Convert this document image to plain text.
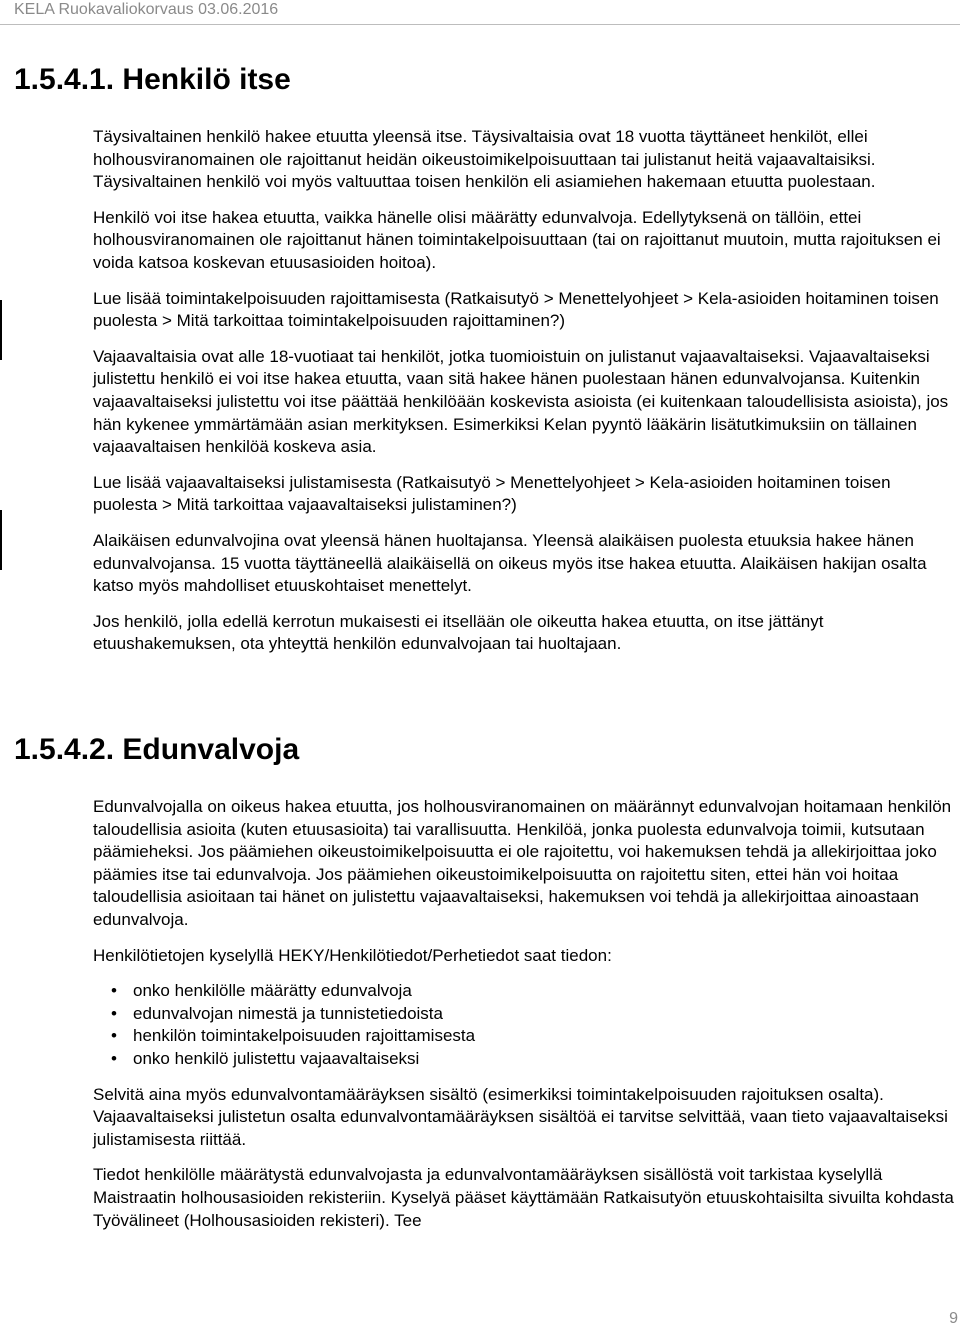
KELA Ruokavaliokorvaus 03.06.2016
1.5.4.1. Henkilö itse

Täysivaltainen henkilö hakee etuutta yleensä itse. Täysivaltaisia ovat 18 vuotta täyttäneet henkilöt, ellei holhousviranomainen ole rajoittanut heidän oikeustoimikelpoisuuttaan tai julistanut heitä vajaavaltaisiksi. Täysivaltainen henkilö voi myös valtuuttaa toisen henkilön eli asiamiehen hakemaan etuutta puolestaan.

Henkilö voi itse hakea etuutta, vaikka hänelle olisi määrätty edunvalvoja. Edellytyksenä on tällöin, ettei holhousviranomainen ole rajoittanut hänen toimintakelpoisuuttaan (tai on rajoittanut muutoin, mutta rajoituksen ei voida katsoa koskevan etuusasioiden hoitoa).

Lue lisää toimintakelpoisuuden rajoittamisesta (Ratkaisutyö > Menettelyohjeet > Kela-asioiden hoitaminen toisen puolesta > Mitä tarkoittaa toimintakelpoisuuden rajoittaminen?)

Vajaavaltaisia ovat alle 18-vuotiaat tai henkilöt, jotka tuomioistuin on julistanut vajaavaltaiseksi. Vajaavaltaiseksi julistettu henkilö ei voi itse hakea etuutta, vaan sitä hakee hänen puolestaan hänen edunvalvojansa. Kuitenkin vajaavaltaiseksi julistettu voi itse päättää henkilöään koskevista asioista (ei kuitenkaan taloudellisista asioista), jos hän kykenee ymmärtämään asian merkityksen. Esimerkiksi Kelan pyyntö lääkärin lisätutkimuksiin on tällainen vajaavaltaisen henkilöä koskeva asia.

Lue lisää vajaavaltaiseksi julistamisesta (Ratkaisutyö > Menettelyohjeet > Kela-asioiden hoitaminen toisen puolesta > Mitä tarkoittaa vajaavaltaiseksi julistaminen?)

Alaikäisen edunvalvojina ovat yleensä hänen huoltajansa. Yleensä alaikäisen puolesta etuuksia hakee hänen edunvalvojansa. 15 vuotta täyttäneellä alaikäisellä on oikeus myös itse hakea etuutta. Alaikäisen hakijan osalta katso myös mahdolliset etuuskohtaiset menettelyt.

Jos henkilö, jolla edellä kerrotun mukaisesti ei itsellään ole oikeutta hakea etuutta, on itse jättänyt etuushakemuksen, ota yhteyttä henkilön edunvalvojaan tai huoltajaan.

1.5.4.2. Edunvalvoja

Edunvalvojalla on oikeus hakea etuutta, jos holhousviranomainen on määrännyt edunvalvojan hoitamaan henkilön taloudellisia asioita (kuten etuusasioita) tai varallisuutta. Henkilöä, jonka puolesta edunvalvoja toimii, kutsutaan päämieheksi. Jos päämiehen oikeustoimikelpoisuutta ei ole rajoitettu, voi hakemuksen tehdä ja allekirjoittaa joko päämies itse tai edunvalvoja. Jos päämiehen oikeustoimikelpoisuutta on rajoitettu siten, ettei hän voi hoitaa taloudellisia asioitaan tai hänet on julistettu vajaavaltaiseksi, hakemuksen voi tehdä ja allekirjoittaa ainoastaan edunvalvoja.

Henkilötietojen kyselyllä HEKY/Henkilötiedot/Perhetiedot saat tiedon:

• onko henkilölle määrätty edunvalvoja
• edunvalvojan nimestä ja tunnistetiedoista
• henkilön toimintakelpoisuuden rajoittamisesta
• onko henkilö julistettu vajaavaltaiseksi

Selvitä aina myös edunvalvontamääräyksen sisältö (esimerkiksi toimintakelpoisuuden rajoituksen osalta). Vajaavaltaiseksi julistetun osalta edunvalvontamääräyksen sisältöä ei tarvitse selvittää, vaan tieto vajaavaltaiseksi julistamisesta riittää.

Tiedot henkilölle määrätystä edunvalvojasta ja edunvalvontamääräyksen sisällöstä voit tarkistaa kyselyllä Maistraatin holhousasioiden rekisteriin. Kyselyä pääset käyttämään Ratkaisutyön etuuskohtaisilta sivuilta kohdasta Työvälineet (Holhousasioiden rekisteri). Tee

9
